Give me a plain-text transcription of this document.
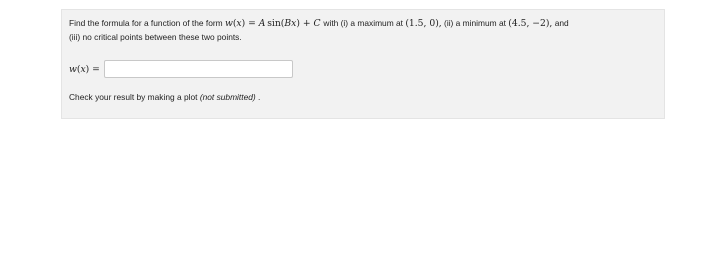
Find the formula for a function of the form w(x) = A  sin(Bx) + C with (i) a maximum at (1.5, 0), (ii) a minimum at (4.5, −2), and
(iii) no critical points between these two points.
w(x) =
Check your result by making a plot (not submitted) .
